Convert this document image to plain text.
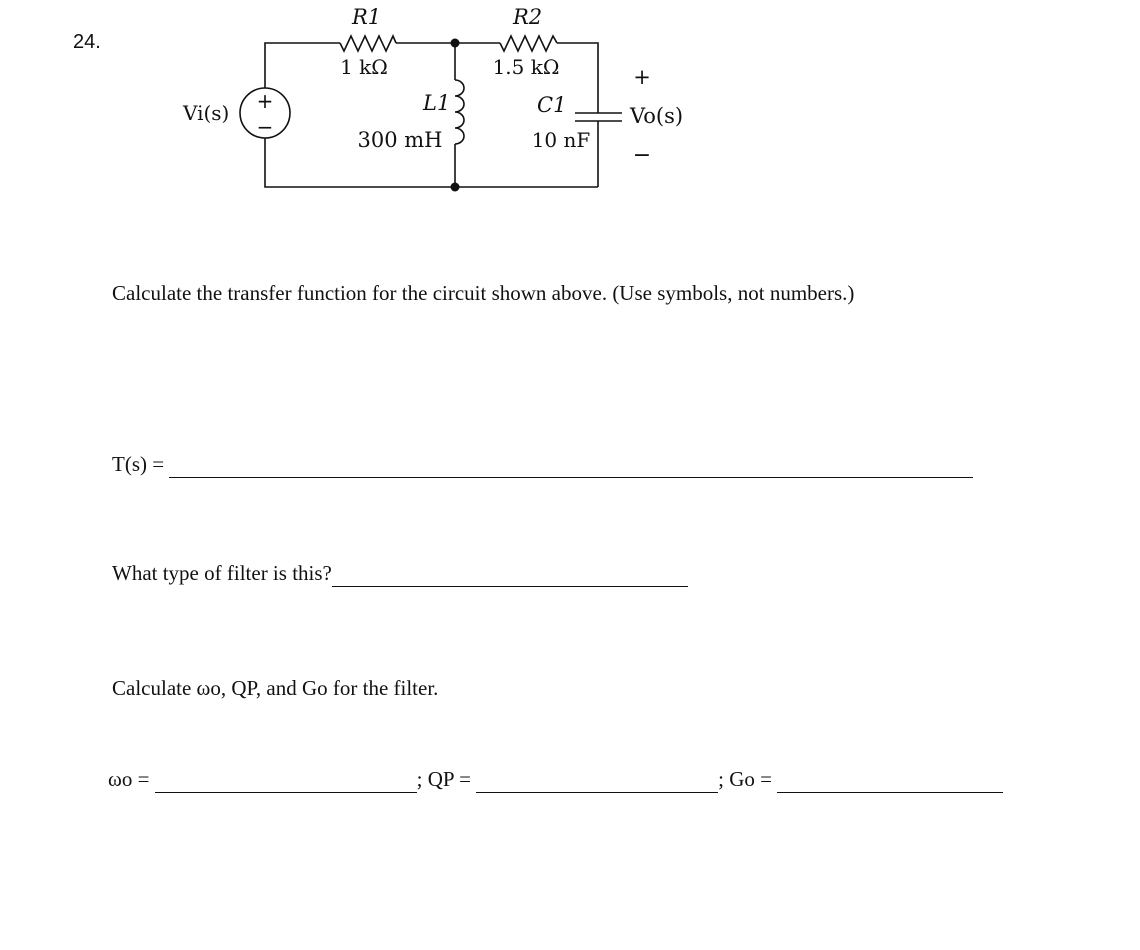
24.
+
−
Vi(s)
R1
1 kΩ
R2
1.5 kΩ
L1
300 mH
C1
10 nF
+
Vo(s)
−
Calculate the transfer function for the circuit shown above. (Use symbols, not numbers.)
T(s) =
What type of filter is this?
Calculate ωo, QP, and Go for the filter.
ωo =	; QP =	; Go =
